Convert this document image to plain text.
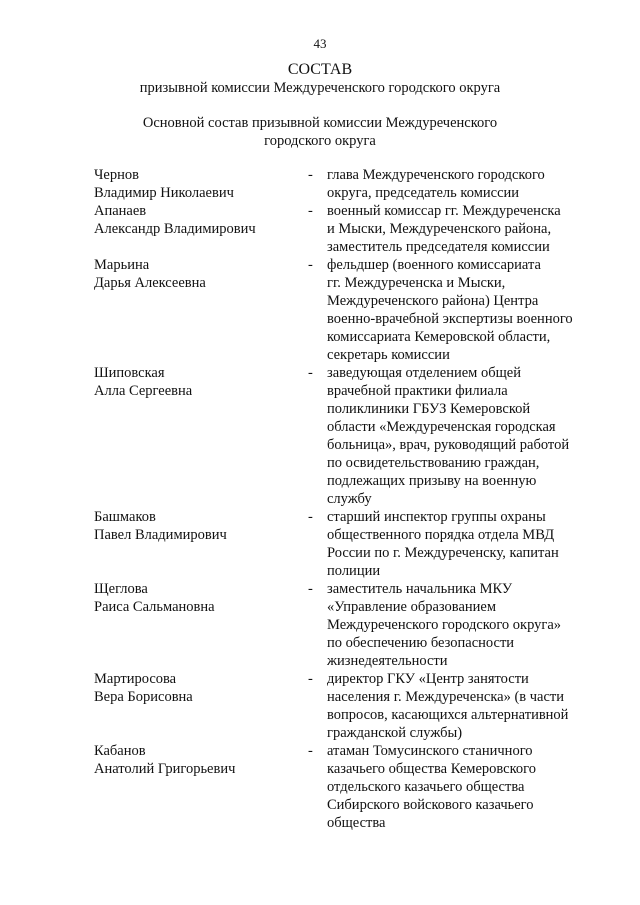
43
СОСТАВ
призывной комиссии Междуреченского городского округа
Основной состав призывной комиссии Междуреченского
городского округа
Чернов
Владимир Николаевич
- глава Междуреченского городского
округа, председатель комиссии
Апанаев
Александр Владимирович
- военный комиссар гг. Междуреченска
и Мыски, Междуреченского района,
заместитель председателя комиссии
Марьина
Дарья Алексеевна
- фельдшер (военного комиссариата
гг. Междуреченска и Мыски,
Междуреченского района) Центра
военно-врачебной экспертизы военного
комиссариата Кемеровской области,
секретарь комиссии
Шиповская
Алла Сергеевна
- заведующая отделением общей
врачебной практики филиала
поликлиники ГБУЗ Кемеровской
области «Междуреченская городская
больница», врач, руководящий работой
по освидетельствованию граждан,
подлежащих призыву на военную
службу
Башмаков
Павел Владимирович
- старший инспектор группы охраны
общественного порядка отдела МВД
России по г. Междуреченску, капитан
полиции
Щеглова
Раиса Сальмановна
- заместитель начальника МКУ
«Управление образованием
Междуреченского городского округа»
по обеспечению безопасности
жизнедеятельности
Мартиросова
Вера Борисовна
- директор ГКУ «Центр занятости
населения г. Междуреченска» (в части
вопросов, касающихся альтернативной
гражданской службы)
Кабанов
Анатолий Григорьевич
- атаман Томусинского станичного
казачьего общества Кемеровского
отдельского казачьего общества
Сибирского войскового казачьего
общества
